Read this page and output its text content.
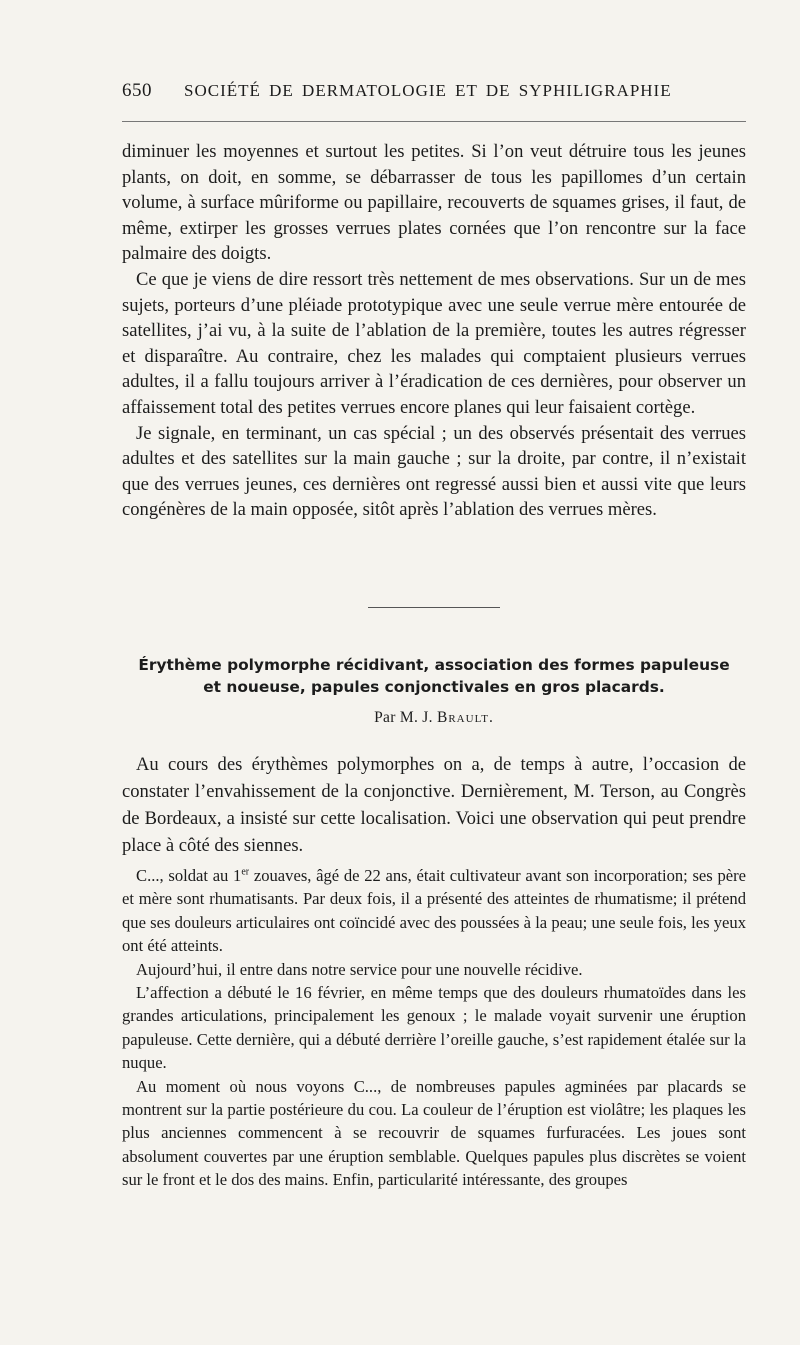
650 SOCIÉTÉ DE DERMATOLOGIE ET DE SYPHILIGRAPHIE

diminuer les moyennes et surtout les petites. Si l’on veut détruire tous les jeunes plants, on doit, en somme, se débarrasser de tous les papillomes d’un certain volume, à surface mûriforme ou papillaire, recouverts de squames grises, il faut, de même, extirper les grosses verrues plates cornées que l’on rencontre sur la face palmaire des doigts.

Ce que je viens de dire ressort très nettement de mes observations. Sur un de mes sujets, porteurs d’une pléiade prototypique avec une seule verrue mère entourée de satellites, j’ai vu, à la suite de l’ablation de la première, toutes les autres régresser et disparaître. Au contraire, chez les malades qui comptaient plusieurs verrues adultes, il a fallu toujours arriver à l’éradication de ces dernières, pour observer un affaissement total des petites verrues encore planes qui leur faisaient cortège.

Je signale, en terminant, un cas spécial ; un des observés présentait des verrues adultes et des satellites sur la main gauche ; sur la droite, par contre, il n’existait que des verrues jeunes, ces dernières ont regressé aussi bien et aussi vite que leurs congénères de la main opposée, sitôt après l’ablation des verrues mères.

Érythème polymorphe récidivant, association des formes papuleuse
et noueuse, papules conjonctivales en gros placards.
Par M. J. Brault.

Au cours des érythèmes polymorphes on a, de temps à autre, l’occasion de constater l’envahissement de la conjonctive. Dernièrement, M. Terson, au Congrès de Bordeaux, a insisté sur cette localisation. Voici une observation qui peut prendre place à côté des siennes.

C..., soldat au 1er zouaves, âgé de 22 ans, était cultivateur avant son incorporation; ses père et mère sont rhumatisants. Par deux fois, il a présenté des atteintes de rhumatisme; il prétend que ses douleurs articulaires ont coïncidé avec des poussées à la peau; une seule fois, les yeux ont été atteints.

Aujourd’hui, il entre dans notre service pour une nouvelle récidive.

L’affection a débuté le 16 février, en même temps que des douleurs rhumatoïdes dans les grandes articulations, principalement les genoux ; le malade voyait survenir une éruption papuleuse. Cette dernière, qui a débuté derrière l’oreille gauche, s’est rapidement étalée sur la nuque.

Au moment où nous voyons C..., de nombreuses papules agminées par placards se montrent sur la partie postérieure du cou. La couleur de l’éruption est violâtre; les plaques les plus anciennes commencent à se recouvrir de squames furfuracées. Les joues sont absolument couvertes par une éruption semblable. Quelques papules plus discrètes se voient sur le front et le dos des mains. Enfin, particularité intéressante, des groupes
